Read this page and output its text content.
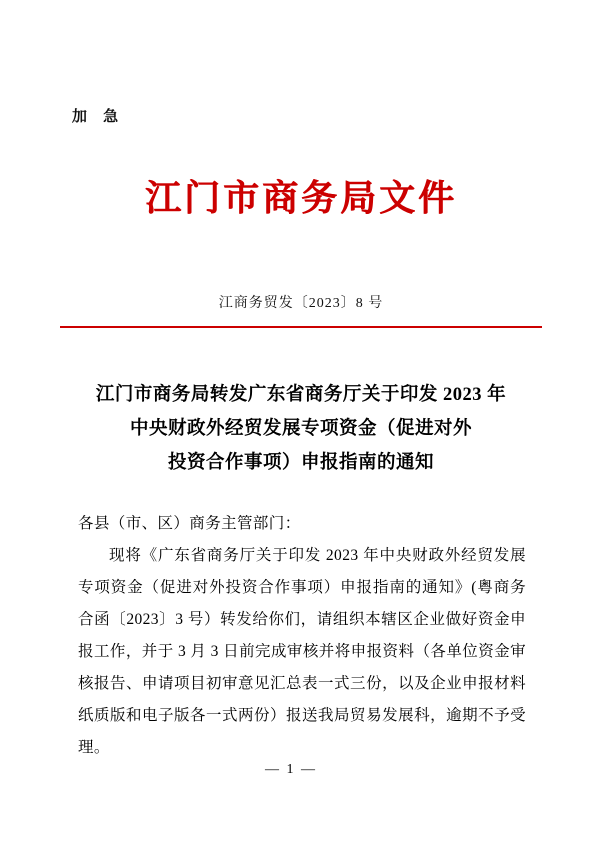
加 急
江门市商务局文件
江商务贸发〔2023〕8 号
江门市商务局转发广东省商务厅关于印发 2023 年
中央财政外经贸发展专项资金（促进对外
投资合作事项）申报指南的通知

各县（市、区）商务主管部门：

现将《广东省商务厅关于印发 2023 年中央财政外经贸发展专项资金（促进对外投资合作事项）申报指南的通知》(粤商务合函〔2023〕3 号）转发给你们，请组织本辖区企业做好资金申报工作，并于 3 月 3 日前完成审核并将申报资料（各单位资金审核报告、申请项目初审意见汇总表一式三份，以及企业申报材料纸质版和电子版各一式两份）报送我局贸易发展科，逾期不予受理。

— 1 —
